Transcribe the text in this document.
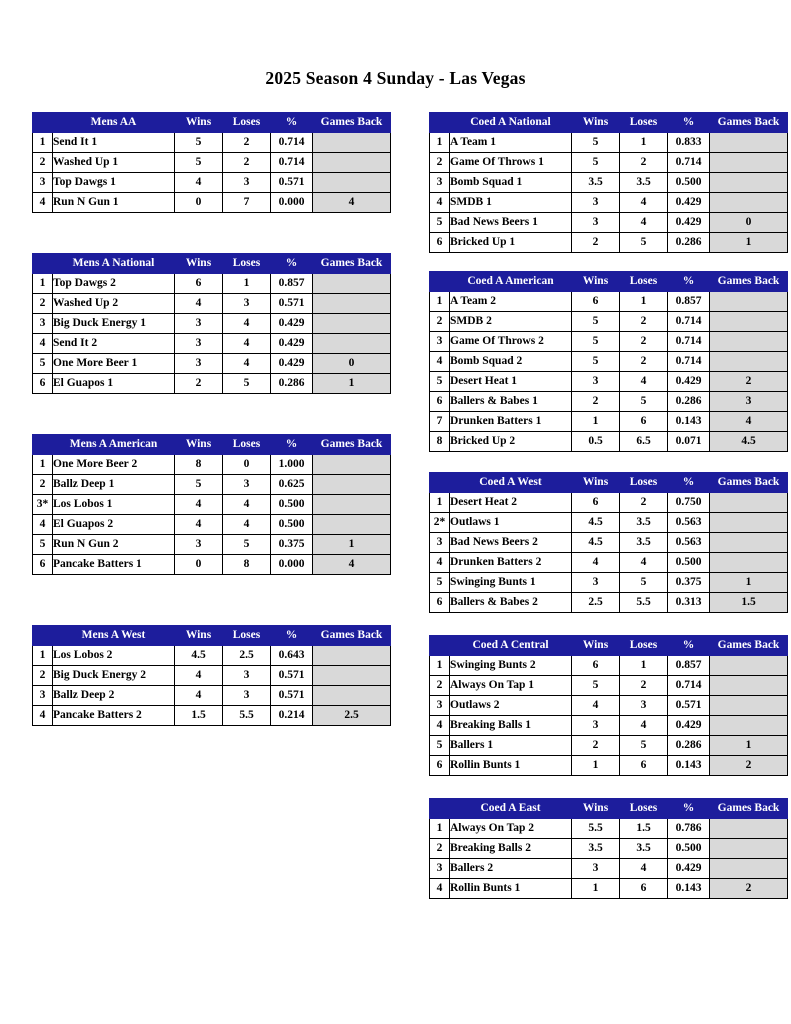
2025 Season 4 Sunday - Las Vegas
	Mens AA	Wins	Loses	%	Games Back
1	Send It 1	5	2	0.714	
2	Washed Up 1	5	2	0.714	
3	Top Dawgs 1	4	3	0.571	
4	Run N Gun 1	0	7	0.000	4
	Mens A National	Wins	Loses	%	Games Back
1	Top Dawgs 2	6	1	0.857	
2	Washed Up 2	4	3	0.571	
3	Big Duck Energy 1	3	4	0.429	
4	Send It 2	3	4	0.429	
5	One More Beer 1	3	4	0.429	0
6	El Guapos 1	2	5	0.286	1
	Mens A American	Wins	Loses	%	Games Back
1	One More Beer 2	8	0	1.000	
2	Ballz Deep 1	5	3	0.625	
3*	Los Lobos 1	4	4	0.500	
4	El Guapos 2	4	4	0.500	
5	Run N Gun 2	3	5	0.375	1
6	Pancake Batters 1	0	8	0.000	4
	Mens A West	Wins	Loses	%	Games Back
1	Los Lobos 2	4.5	2.5	0.643	
2	Big Duck Energy 2	4	3	0.571	
3	Ballz Deep 2	4	3	0.571	
4	Pancake Batters 2	1.5	5.5	0.214	2.5
	Coed A National	Wins	Loses	%	Games Back
1	A Team 1	5	1	0.833	
2	Game Of Throws 1	5	2	0.714	
3	Bomb Squad 1	3.5	3.5	0.500	
4	SMDB 1	3	4	0.429	
5	Bad News Beers 1	3	4	0.429	0
6	Bricked Up 1	2	5	0.286	1
	Coed A American	Wins	Loses	%	Games Back
1	A Team 2	6	1	0.857	
2	SMDB 2	5	2	0.714	
3	Game Of Throws 2	5	2	0.714	
4	Bomb Squad 2	5	2	0.714	
5	Desert Heat 1	3	4	0.429	2
6	Ballers & Babes 1	2	5	0.286	3
7	Drunken Batters 1	1	6	0.143	4
8	Bricked Up 2	0.5	6.5	0.071	4.5
	Coed A West	Wins	Loses	%	Games Back
1	Desert Heat 2	6	2	0.750	
2*	Outlaws 1	4.5	3.5	0.563	
3	Bad News Beers 2	4.5	3.5	0.563	
4	Drunken Batters 2	4	4	0.500	
5	Swinging Bunts 1	3	5	0.375	1
6	Ballers & Babes 2	2.5	5.5	0.313	1.5
	Coed A Central	Wins	Loses	%	Games Back
1	Swinging Bunts 2	6	1	0.857	
2	Always On Tap 1	5	2	0.714	
3	Outlaws 2	4	3	0.571	
4	Breaking Balls 1	3	4	0.429	
5	Ballers 1	2	5	0.286	1
6	Rollin Bunts 1	1	6	0.143	2
	Coed A East	Wins	Loses	%	Games Back
1	Always On Tap 2	5.5	1.5	0.786	
2	Breaking Balls 2	3.5	3.5	0.500	
3	Ballers 2	3	4	0.429	
4	Rollin Bunts 1	1	6	0.143	2
